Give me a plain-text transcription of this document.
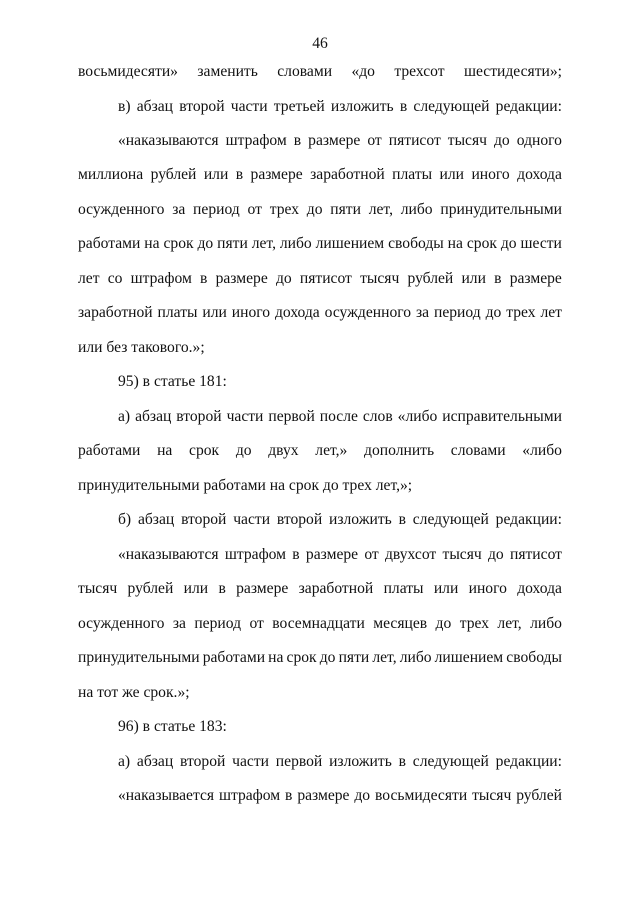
46
восьмидесяти» заменить словами «до трехсот шестидесяти»;
в) абзац второй части третьей изложить в следующей редакции:
«наказываются штрафом в размере от пятисот тысяч до одного
миллиона рублей или в размере заработной платы или иного дохода
осужденного за период от трех до пяти лет, либо принудительными
работами на срок до пяти лет, либо лишением свободы на срок до шести
лет со штрафом в размере до пятисот тысяч рублей или в размере
заработной платы или иного дохода осужденного за период до трех лет
или без такового.»;
95) в статье 181:
а) абзац второй части первой после слов «либо исправительными
работами на срок до двух лет,» дополнить словами «либо
принудительными работами на срок до трех лет,»;
б) абзац второй части второй изложить в следующей редакции:
«наказываются штрафом в размере от двухсот тысяч до пятисот
тысяч рублей или в размере заработной платы или иного дохода
осужденного за период от восемнадцати месяцев до трех лет, либо
принудительными работами на срок до пяти лет, либо лишением свободы
на тот же срок.»;
96) в статье 183:
а) абзац второй части первой изложить в следующей редакции:
«наказывается штрафом в размере до восьмидесяти тысяч рублей
